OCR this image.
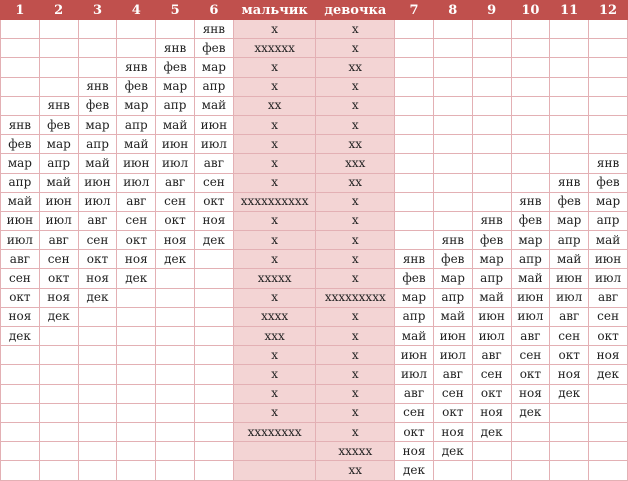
1	2	3	4	5	6	мальчик	девочка	7	8	9	10	11	12
					янв	x	x						
				янв	фев	xxxxxx	x						
			янв	фев	мар	x	xx						
		янв	фев	мар	апр	x	x						
	янв	фев	мар	апр	май	xx	x						
янв	фев	мар	апр	май	июн	x	x						
фев	мар	апр	май	июн	июл	x	xx						
мар	апр	май	июн	июл	авг	x	xxx						янв
апр	май	июн	июл	авг	сен	x	xx					янв	фев
май	июн	июл	авг	сен	окт	xxxxxxxxxx	x				янв	фев	мар
июн	июл	авг	сен	окт	ноя	x	x			янв	фев	мар	апр
июл	авг	сен	окт	ноя	дек	x	x		янв	фев	мар	апр	май
авг	сен	окт	ноя	дек		x	x	янв	фев	мар	апр	май	июн
сен	окт	ноя	дек			xxxxx	x	фев	мар	апр	май	июн	июл
окт	ноя	дек				x	xxxxxxxxx	мар	апр	май	июн	июл	авг
ноя	дек					xxxx	x	апр	май	июн	июл	авг	сен
дек						xxx	x	май	июн	июл	авг	сен	окт
						x	x	июн	июл	авг	сен	окт	ноя
						x	x	июл	авг	сен	окт	ноя	дек
						x	x	авг	сен	окт	ноя	дек	
						x	x	сен	окт	ноя	дек		
						xxxxxxxx	x	окт	ноя	дек			
							xxxxx	ноя	дек				
							xx	дек					
